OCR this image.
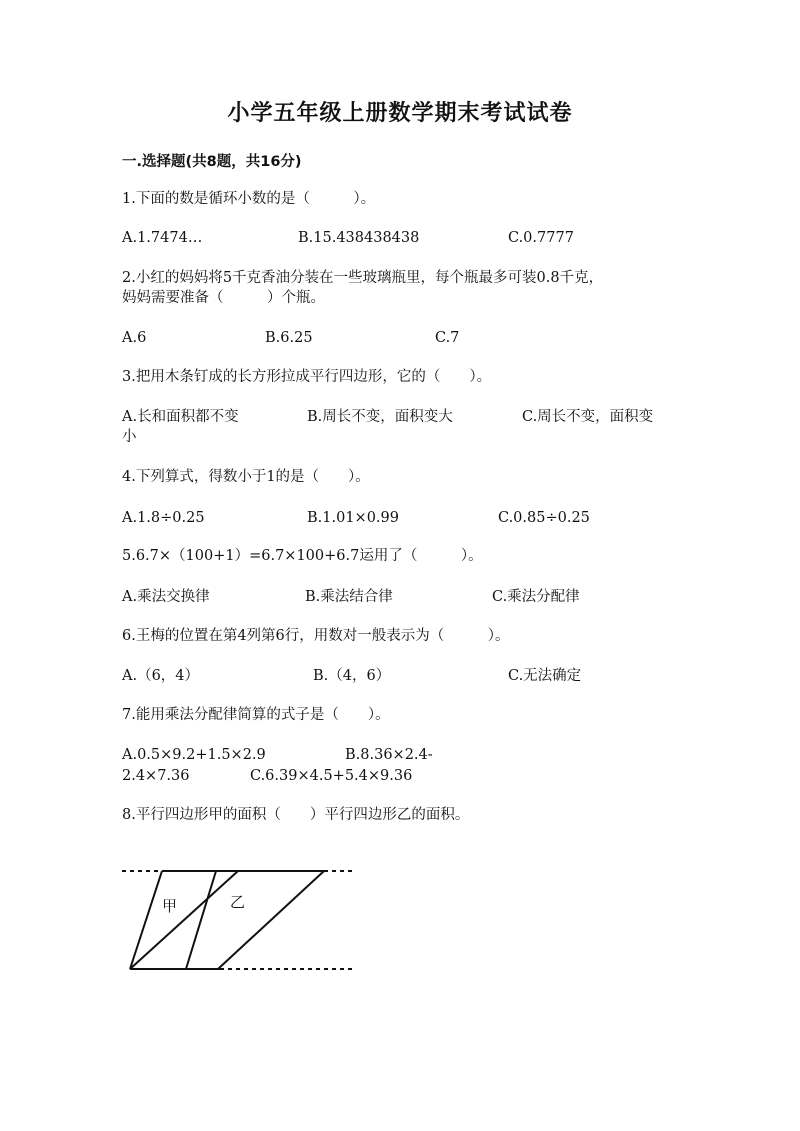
小学五年级上册数学期末考试试卷
一.选择题(共8题，共16分)
1.下面的数是循环小数的是（　　　）。
A.1.7474…	B.15.438438438	C.0.7777
2.小红的妈妈将5千克香油分装在一些玻璃瓶里，每个瓶最多可装0.8千克，
妈妈需要准备（　　　）个瓶。
A.6	B.6.25	C.7
3.把用木条钉成的长方形拉成平行四边形，它的（　　）。
A.长和面积都不变	B.周长不变，面积变大	C.周长不变，面积变
小
4.下列算式，得数小于1的是（　　）。
A.1.8÷0.25	B.1.01×0.99	C.0.85÷0.25
5.6.7×（100+1）=6.7×100+6.7运用了（　　　）。
A.乘法交换律	B.乘法结合律	C.乘法分配律
6.王梅的位置在第4列第6行，用数对一般表示为（　　　）。
A.（6，4）	B.（4，6）	C.无法确定
7.能用乘法分配律简算的式子是（　　）。
A.0.5×9.2+1.5×2.9	B.8.36×2.4-
2.4×7.36	C.6.39×4.5+5.4×9.36
8.平行四边形甲的面积（　　）平行四边形乙的面积。
甲	乙
